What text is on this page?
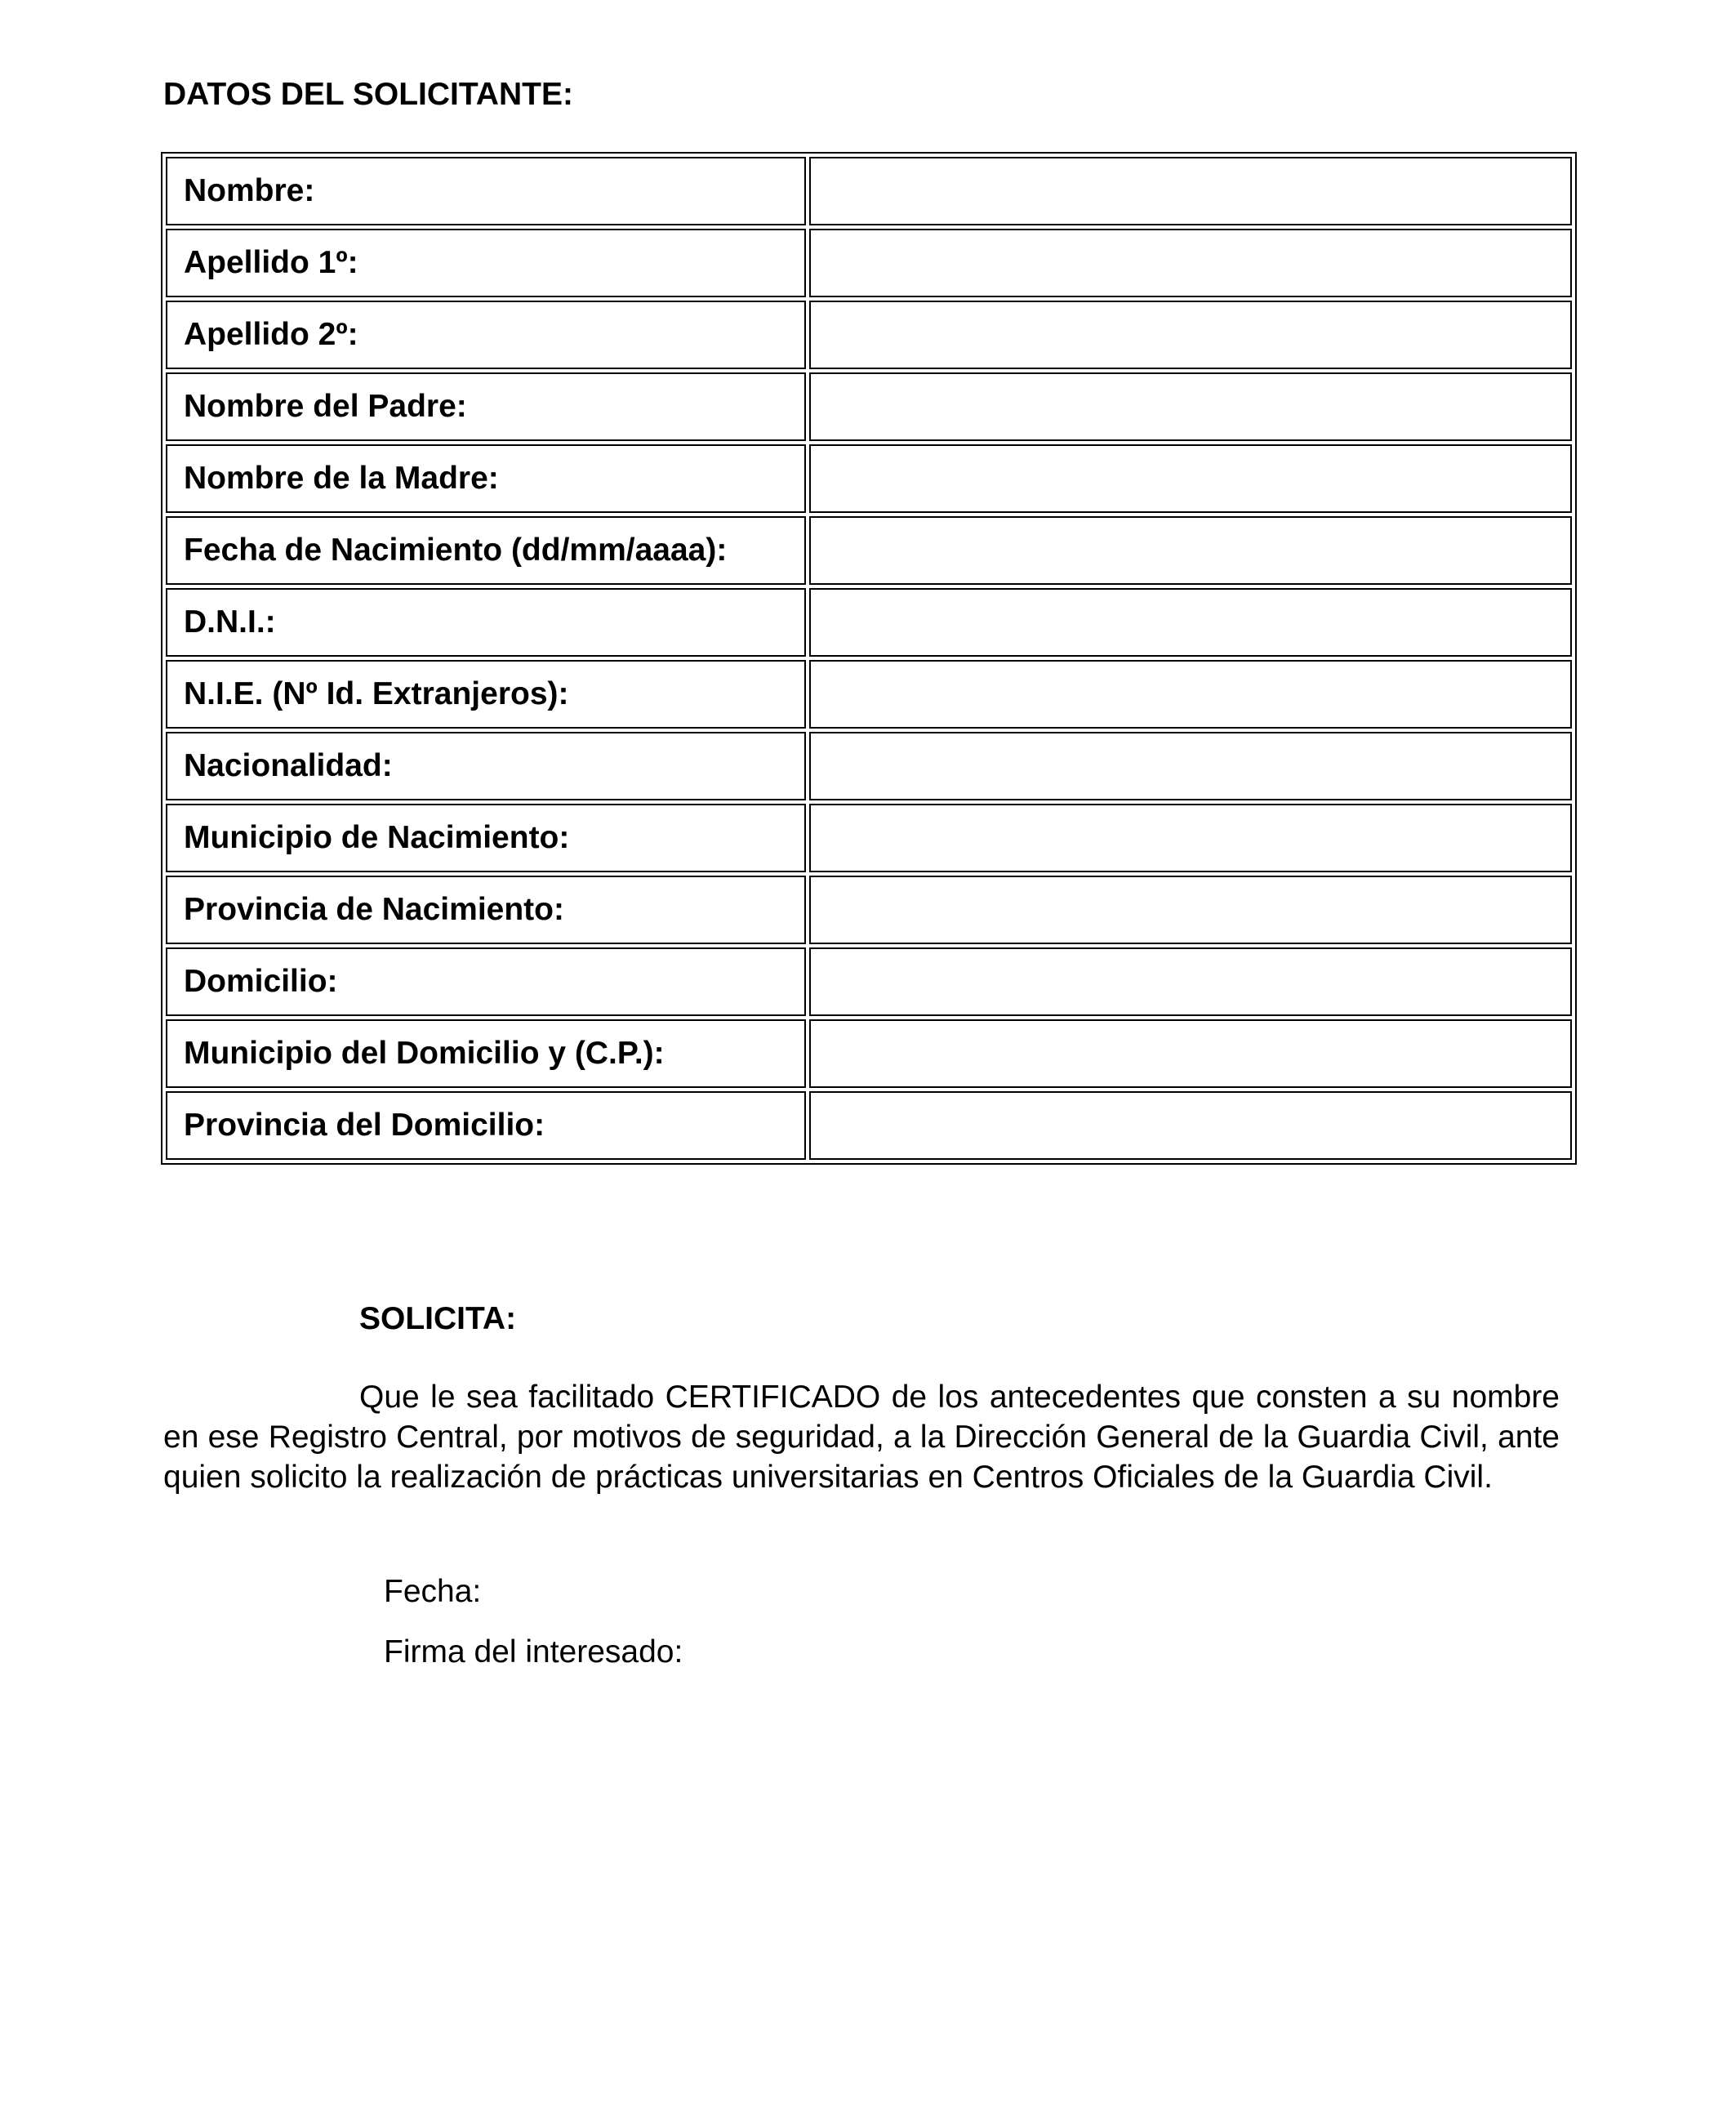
DATOS DEL SOLICITANTE:
Nombre:	
Apellido 1º:	
Apellido 2º:	
Nombre del Padre:	
Nombre de la Madre:	
Fecha de Nacimiento (dd/mm/aaaa):	
D.N.I.:	
N.I.E. (Nº Id. Extranjeros):	
Nacionalidad:	
Municipio de Nacimiento:	
Provincia de Nacimiento:	
Domicilio:	
Municipio del Domicilio y (C.P.):	
Provincia del Domicilio:	
SOLICITA:

Que le sea facilitado CERTIFICADO de los antecedentes que consten a su nombre en ese Registro Central, por motivos de seguridad, a la Dirección General de la Guardia Civil, ante quien solicito la realización de prácticas universitarias en Centros Oficiales de la Guardia Civil.

Fecha:

Firma del interesado:
